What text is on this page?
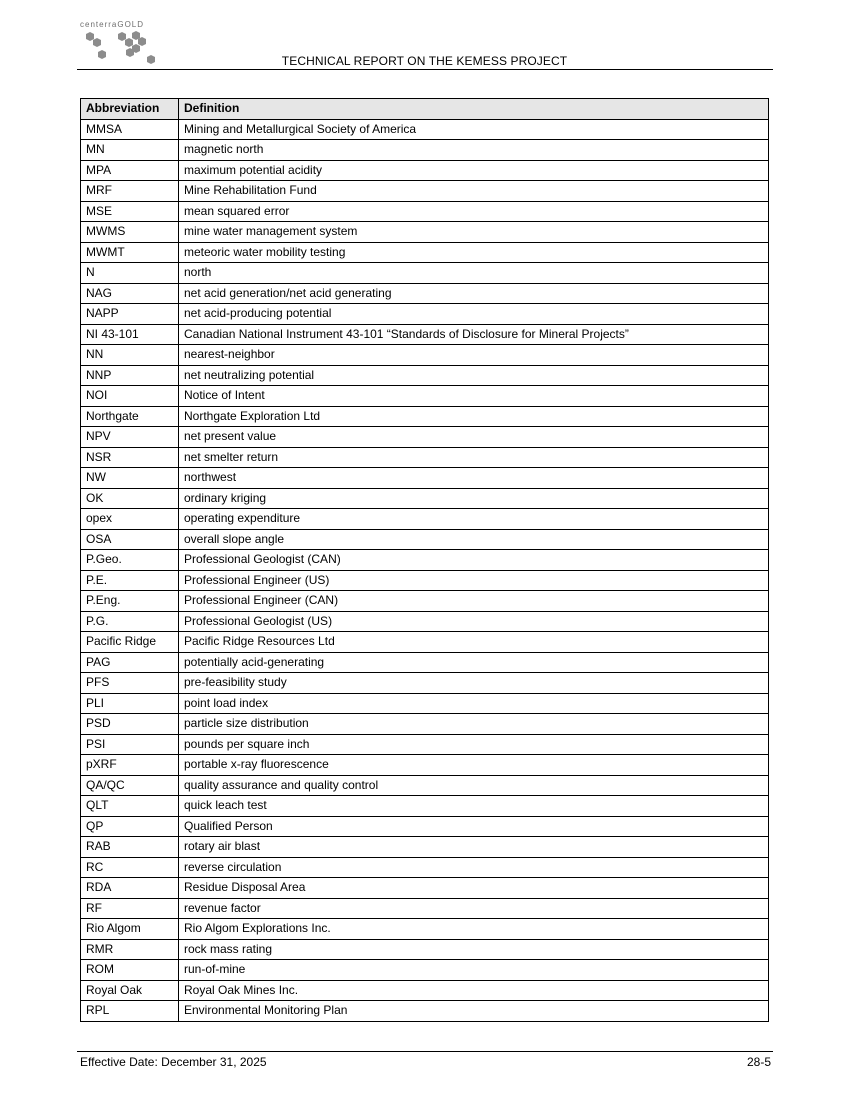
centerraGOLD
TECHNICAL REPORT ON THE KEMESS PROJECT
Abbreviation	Definition
MMSA	Mining and Metallurgical Society of America
MN	magnetic north
MPA	maximum potential acidity
MRF	Mine Rehabilitation Fund
MSE	mean squared error
MWMS	mine water management system
MWMT	meteoric water mobility testing
N	north
NAG	net acid generation/net acid generating
NAPP	net acid-producing potential
NI 43-101	Canadian National Instrument 43-101 “Standards of Disclosure for Mineral Projects”
NN	nearest-neighbor
NNP	net neutralizing potential
NOI	Notice of Intent
Northgate	Northgate Exploration Ltd
NPV	net present value
NSR	net smelter return
NW	northwest
OK	ordinary kriging
opex	operating expenditure
OSA	overall slope angle
P.Geo.	Professional Geologist (CAN)
P.E.	Professional Engineer (US)
P.Eng.	Professional Engineer (CAN)
P.G.	Professional Geologist (US)
Pacific Ridge	Pacific Ridge Resources Ltd
PAG	potentially acid-generating
PFS	pre-feasibility study
PLI	point load index
PSD	particle size distribution
PSI	pounds per square inch
pXRF	portable x-ray fluorescence
QA/QC	quality assurance and quality control
QLT	quick leach test
QP	Qualified Person
RAB	rotary air blast
RC	reverse circulation
RDA	Residue Disposal Area
RF	revenue factor
Rio Algom	Rio Algom Explorations Inc.
RMR	rock mass rating
ROM	run-of-mine
Royal Oak	Royal Oak Mines Inc.
RPL	Environmental Monitoring Plan
Effective Date: December 31, 2025	28-5
